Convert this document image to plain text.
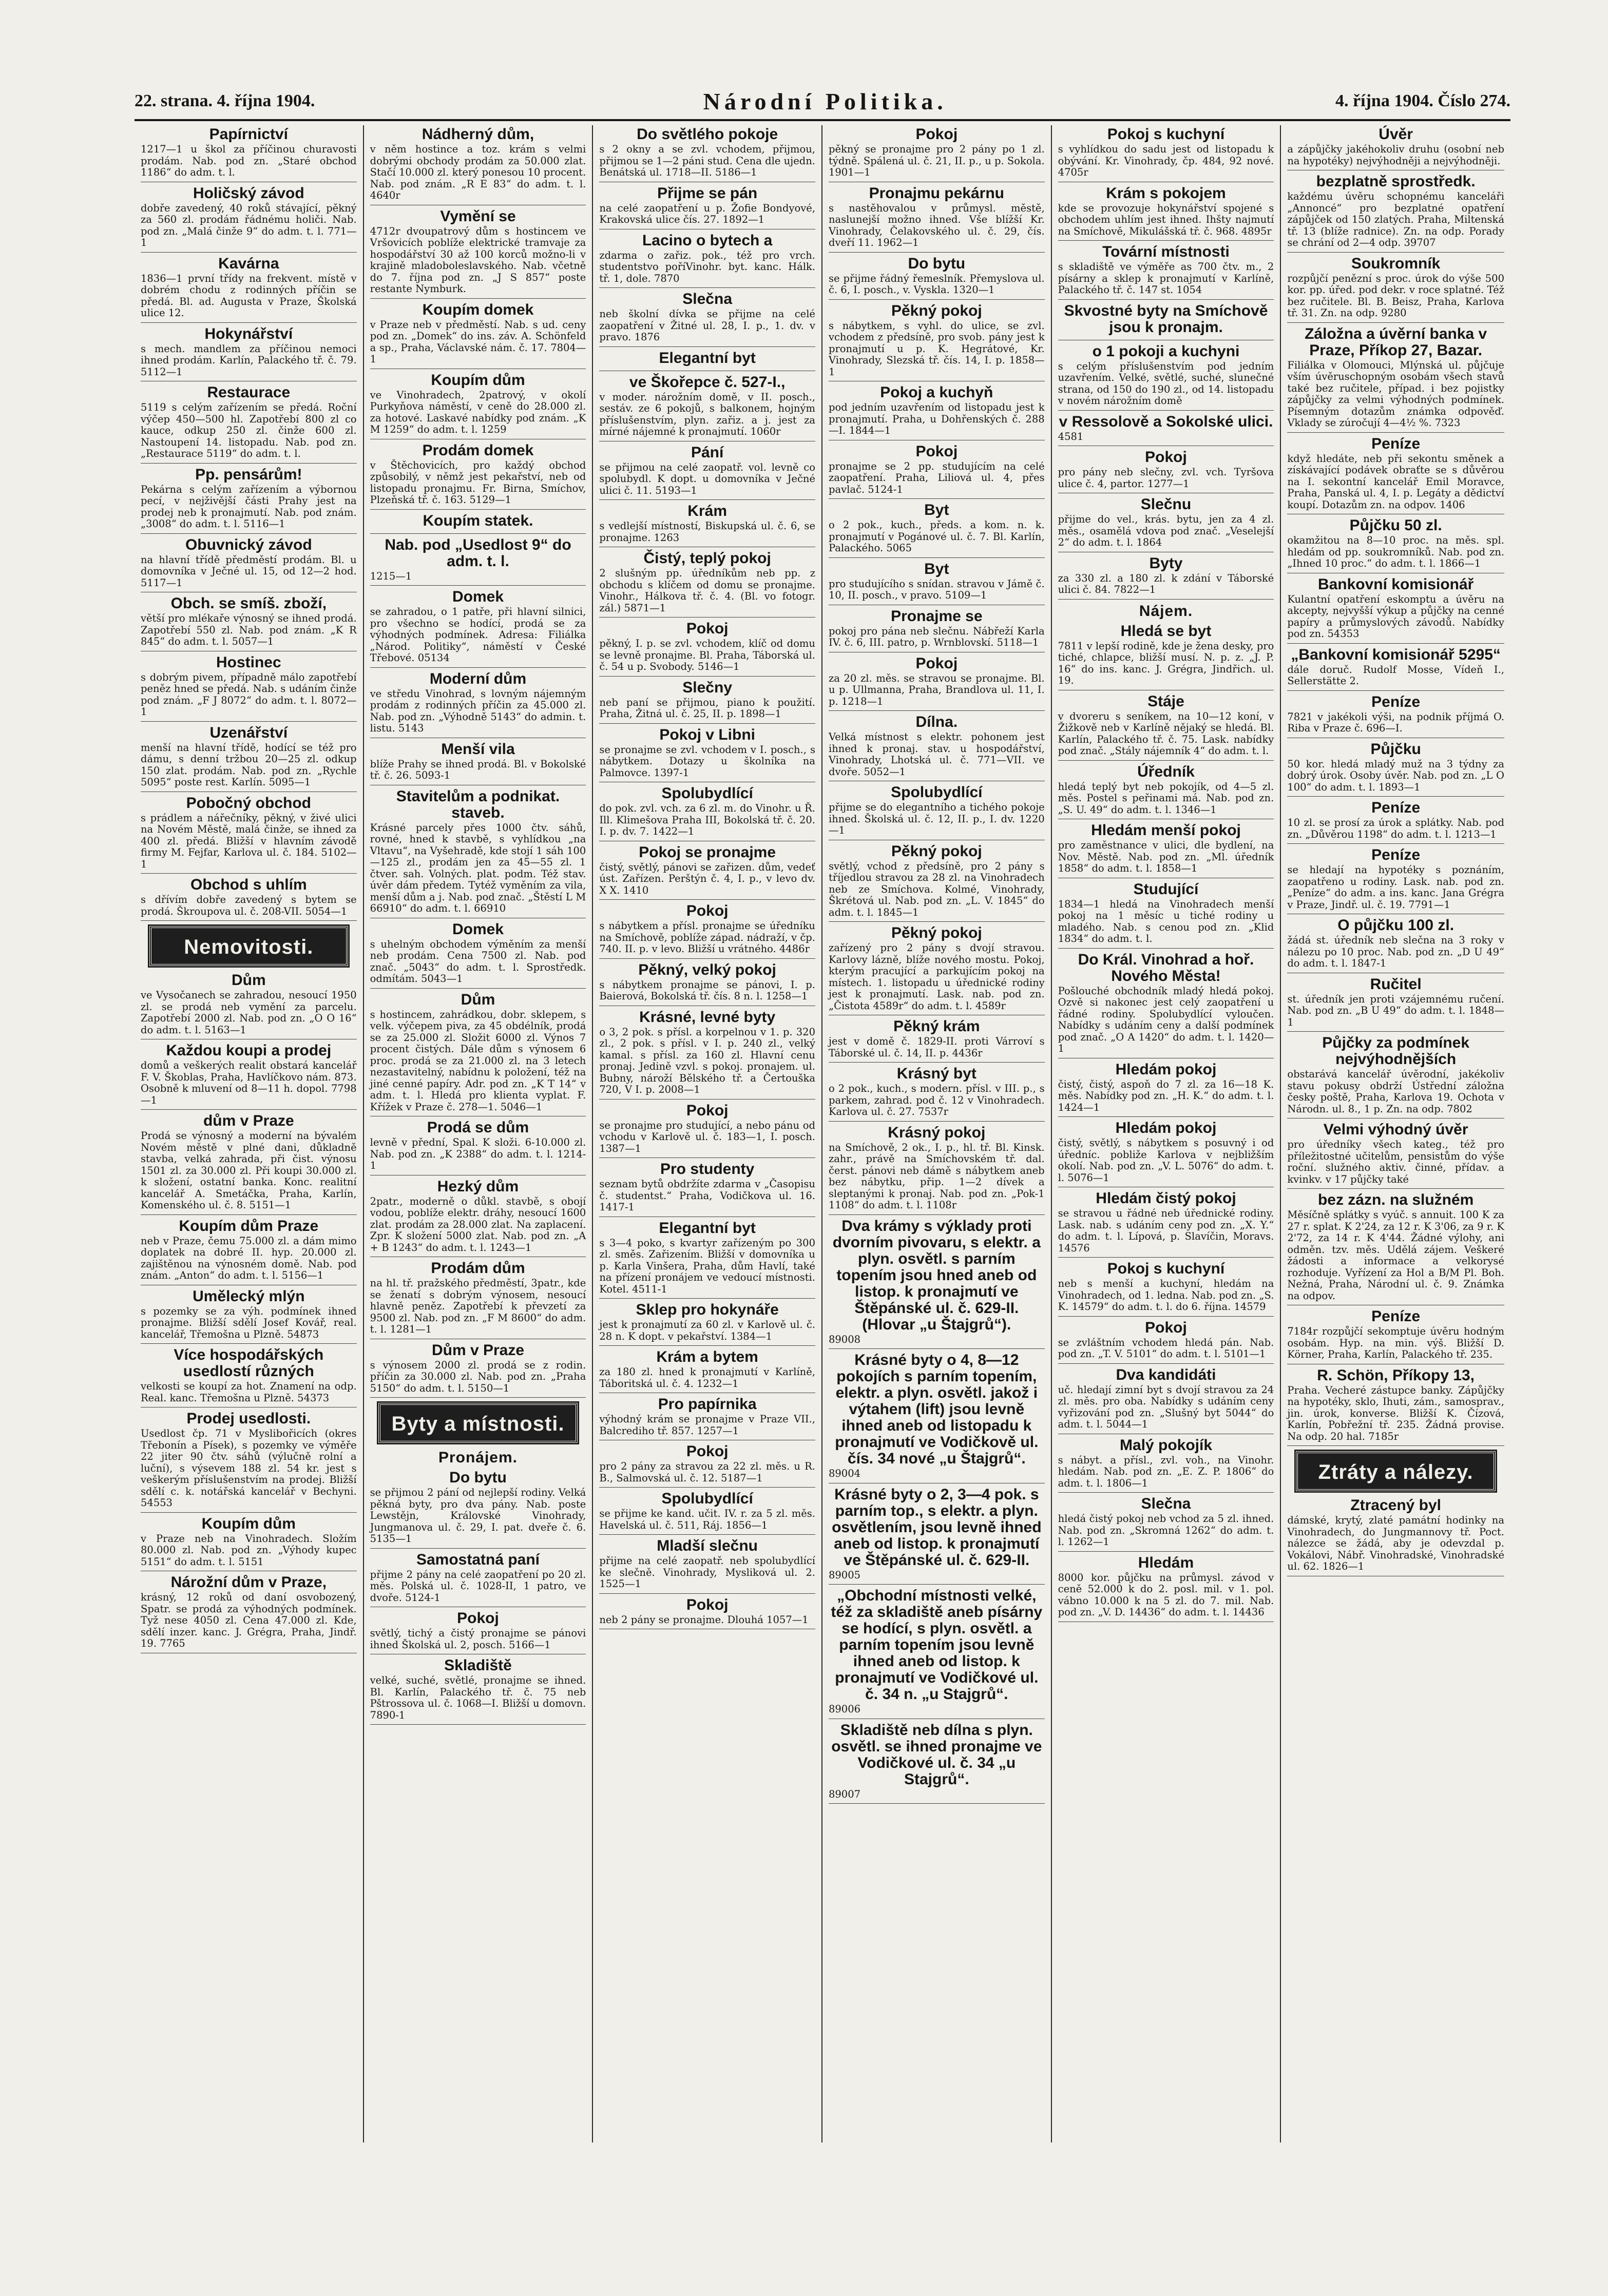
22. strana. 4. října 1904.	Národní Politika.	4. října 1904. Číslo 274.
Papírnictví

1217—1 u škol za příčinou churavosti prodám. Nab. pod zn. „Staré obchod 1186“ do adm. t. l.

Holičský závod

dobře zavedený, 40 roků stávající, pěkný za 560 zl. prodám řádnému holiči. Nab. pod zn. „Malá činže 9“ do adm. t. l. 771—1

Kavárna

1836—1 první třídy na frekvent. místě v dobrém chodu z rodinných příčin se předá. Bl. ad. Augusta v Praze, Školská ulice 12.

Hokynářství

s mech. mandlem za příčinou nemoci ihned prodám. Karlín, Palackého tř. č. 79. 5112—1

Restaurace

5119 s celým zařízením se předá. Roční výčep 450—500 hl. Zapotřebí 800 zl co kauce, odkup 250 zl. činže 600 zl. Nastoupení 14. listopadu. Nab. pod zn. „Restaurace 5119“ do adm. t. l.

Pp. pensárům!

Pekárna s celým zařízením a výbornou pecí, v nejživější části Prahy jest na prodej neb k pronajmutí. Nab. pod znám. „3008“ do adm. t. l. 5116—1

Obuvnický závod

na hlavní třídě předměstí prodám. Bl. u domovníka v Ječné ul. 15, od 12—2 hod. 5117—1

Obch. se smíš. zboží,

větší pro mlékaře výnosný se ihned prodá. Zapotřebí 550 zl. Nab. pod znám. „K R 845“ do adm. t. l. 5057—1

Hostinec

s dobrým pivem, případně málo zapotřebí peněz hned se předá. Nab. s udáním činže pod znám. „F J 8072“ do adm. t. l. 8072—1

Uzenářství

menší na hlavní třídě, hodící se též pro dámu, s denní tržbou 20—25 zl. odkup 150 zlat. prodám. Nab. pod zn. „Rychle 5095“ poste rest. Karlín. 5095—1

Pobočný obchod

s prádlem a nářečníky, pěkný, v živé ulici na Novém Městě, malá činže, se ihned za 400 zl. předá. Bližší v hlavním závodě firmy M. Fejfar, Karlova ul. č. 184. 5102—1

Obchod s uhlím

s dřívím dobře zavedený s bytem se prodá. Škroupova ul. č. 208-VII. 5054—1

Nemovitosti.
Dům

ve Vysočanech se zahradou, nesoucí 1950 zl. se prodá neb vymění za parcelu. Zapotřebí 2000 zl. Nab. pod zn. „O O 16“ do adm. t. l. 5163—1

Každou koupi a prodej

domů a veškerých realit obstará kancelář F. V. Škoblas, Praha, Havlíčkovo nám. 873. Osobně k mluvení od 8—11 h. dopol. 7798—1

dům v Praze

Prodá se výnosný a moderní na bývalém Novém městě v plné dani, důkladně stavba, velká zahrada, při čist. výnosu 1501 zl. za 30.000 zl. Při koupi 30.000 zl. k složení, ostatní banka. Konc. realitní kancelář A. Smetáčka, Praha, Karlín, Komenského ul. č. 8. 5151—1

Koupím dům Praze

neb v Praze, čemu 75.000 zl. a dám mimo doplatek na dobré II. hyp. 20.000 zl. zajištěnou na výnosném domě. Nab. pod znám. „Anton“ do adm. t. l. 5156—1

Umělecký mlýn

s pozemky se za výh. podmínek ihned pronajme. Bližší sdělí Josef Kovář, real. kancelář, Třemošna u Plzně. 54873

Více hospodářských usedlostí různých

velkosti se koupí za hot. Znamení na odp. Real. kanc. Třemošna u Plzně. 54373

Prodej usedlosti.

Usedlost čp. 71 v Myslibořicích (okres Třebonín a Písek), s pozemky ve výměře 22 jiter 90 čtv. sáhů (výlučně rolní a luční), s výsevem 188 zl. 54 kr. jest s veškerým příslušenstvím na prodej. Bližší sdělí c. k. notářská kancelář v Bechyni. 54553

Koupím dům

v Praze neb na Vinohradech. Složím 80.000 zl. Nab. pod zn. „Výhody kupec 5151“ do adm. t. l. 5151

Nárožní dům v Praze,

krásný, 12 roků od daní osvobozený, Spatr. se prodá za výhodných podmínek. Tyž nese 4050 zl. Cena 47.000 zl. Kde, sdělí inzer. kanc. J. Grégra, Praha, Jindř. 19. 7765

Nádherný dům,

v něm hostince a toz. krám s velmi dobrými obchody prodám za 50.000 zlat. Stačí 10.000 zl. který ponesou 10 procent. Nab. pod znám. „R E 83“ do adm. t. l. 4640r

Vymění se

4712r dvoupatrový dům s hostincem ve Vršovicích poblíže elektrické tramvaje za hospodářství 30 až 100 korců možno-li v krajině mladoboleslavského. Nab. včetně do 7. října pod zn. „J S 857“ poste restante Nymburk.

Koupím domek

v Praze neb v předměstí. Nab. s ud. ceny pod zn. „Domek“ do ins. záv. A. Schönfeld a sp., Praha, Václavské nám. č. 17. 7804—1

Koupím dům

ve Vinohradech, 2patrový, v okolí Purkyňova náměstí, v ceně do 28.000 zl. za hotové. Laskavé nabídky pod znám. „K M 1259“ do adm. t. l. 1259

Prodám domek

v Štěchovicích, pro každý obchod způsobilý, v němž jest pekařství, neb od listopadu pronajmu. Fr. Birna, Smíchov, Plzeňská tř. č. 163. 5129—1

Koupím statek.
Nab. pod „Usedlost 9“ do adm. t. l.

1215—1

Domek

se zahradou, o 1 patře, při hlavní silnici, pro všechno se hodící, prodá se za výhodných podmínek. Adresa: Filiálka „Národ. Politiky“, náměstí v České Třebové. 05134

Moderní dům

ve středu Vinohrad, s lovným nájemným prodám z rodinných příčin za 45.000 zl. Nab. pod zn. „Výhodně 5143“ do admin. t. listu. 5143

Menší vila

blíže Prahy se ihned prodá. Bl. v Bokolské tř. č. 26. 5093-1

Stavitelům a podnikat. staveb.

Krásné parcely přes 1000 čtv. sáhů, rovné, hned k stavbě, s vyhlídkou „na Vltavu“, na Vyšehradě, kde stojí 1 sáh 100—125 zl., prodám jen za 45—55 zl. 1 čtver. sah. Volných. plat. podm. Též stav. úvěr dám předem. Tytéž vyměním za vila, menší dům a j. Nab. pod znač. „Štěstí L M 66910“ do adm. t. l. 66910

Domek

s uhelným obchodem výměním za menší neb prodám. Cena 7500 zl. Nab. pod znač. „5043“ do adm. t. l. Sprostředk. odmítám. 5043—1

Dům

s hostincem, zahrádkou, dobr. sklepem, s velk. výčepem piva, za 45 obdélník, prodá se za 25.000 zl. Složit 6000 zl. Výnos 7 procent čistých. Dále dům s výnosem 6 proc. prodá se za 21.000 zl. na 3 letech nezastavitelný, nabídnu k položení, též na jiné cenné papíry. Adr. pod zn. „K T 14“ v adm. t. l. Hledá pro klienta vyplat. F. Křížek v Praze č. 278—1. 5046—1

Prodá se dům

levně v přední, Spal. K složi. 6-10.000 zl. Nab. pod zn. „K 2388“ do adm. t. l. 1214-1

Hezký dům

2patr., moderně o důkl. stavbě, s obojí vodou, poblíže elektr. dráhy, nesoucí 1600 zlat. prodám za 28.000 zlat. Na zaplacení. Zpr. K složení 5000 zlat. Nab. pod zn. „A + B 1243“ do adm. t. l. 1243—1

Prodám dům

na hl. tř. pražského předměstí, 3patr., kde se ženatí s dobrým výnosem, nesoucí hlavně peněz. Zapotřebí k převzetí za 9500 zl. Nab. pod zn. „F M 8600“ do adm. t. l. 1281—1

Dům v Praze

s výnosem 2000 zl. prodá se z rodin. příčin za 30.000 zl. Nab. pod zn. „Praha 5150“ do adm. t. l. 5150—1

Byty a místnosti.
Pronájem.
Do bytu

se přijmou 2 pání od nejlepší rodiny. Velká pěkná byty, pro dva pány. Nab. poste Lewstějn, Královské Vinohrady, Jungmanova ul. č. 29, I. pat. dveře č. 6. 5135—1

Samostatná paní

přijme 2 pány na celé zaopatření po 20 zl. měs. Polská ul. č. 1028-II, 1 patro, ve dvoře. 5124-1

Pokoj

světlý, tichý a čistý pronajme se pánovi ihned Školská ul. 2, posch. 5166—1

Skladiště

velké, suché, světlé, pronajme se ihned. Bl. Karlín, Palackého tř. č. 75 neb Pštrossova ul. č. 1068—I. Bližší u domovn. 7890-1

Do světlého pokoje

s 2 okny a se zvl. vchodem, přijmou, přijmou se 1—2 páni stud. Cena dle ujedn. Benátská ul. 1718—II. 5186—1

Přijme se pán

na celé zaopatření u p. Žofie Bondyové, Krakovská ulice čís. 27. 1892—1

Lacino o bytech a

zdarma o zařiz. pok., též pro vrch. studentstvo poříVinohr. byt. kanc. Hálk. tř. 1, dole. 7870

Slečna

neb školní dívka se přijme na celé zaopatření v Žitné ul. 28, I. p., 1. dv. v pravo. 1876

Elegantní byt
ve Škořepce č. 527-I.,

v moder. nárožním domě, v II. posch., sestáv. ze 6 pokojů, s balkonem, hojným příslušenstvím, plyn. zařiz. a j. jest za mírné nájemné k pronajmutí. 1060r

Pání

se přijmou na celé zaopatř. vol. levně co spolubydl. K dopt. u domovníka v Ječné ulici č. 11. 5193—1

Krám

s vedlejší místností, Biskupská ul. č. 6, se pronajme. 1263

Čistý, teplý pokoj

2 slušným pp. úředníkům neb pp. z obchodu s klíčem od domu se pronajme. Vinohr., Hálkova tř. č. 4. (Bl. vo fotogr. zál.) 5871—1

Pokoj

pěkný, I. p. se zvl. vchodem, klíč od domu se levně pronajme. Bl. Praha, Táborská ul. č. 54 u p. Svobody. 5146—1

Slečny

neb paní se přijmou, piano k použití. Praha, Žitná ul. č. 25, II. p. 1898—1

Pokoj v Libni

se pronajme se zvl. vchodem v I. posch., s nábytkem. Dotazy u školníka na Palmovce. 1397-1

Spolubydlící

do pok. zvl. vch. za 6 zl. m. do Vinohr. u Ř. Ill. Klimešova Praha III, Bokolská tř. č. 20. I. p. dv. 7. 1422—1

Pokoj se pronajme

čistý, světlý, pánovi se zařizen. dům, vedeť úst. Zařízen. Perštýn č. 4, I. p., v levo dv. X X. 1410

Pokoj

s nábytkem a přísl. pronajme se úředníku na Smíchově, poblíže západ. nádraží, v čp. 740. II. p. v levo. Bližší u vrátného. 4486r

Pěkný, velký pokoj

s nábytkem pronajme se pánovi, I. p. Baierová, Bokolská tř. čís. 8 n. l. 1258—1

Krásné, levné byty

o 3, 2 pok. s přísl. a korpelnou v 1. p. 320 zl., 2 pok. s přísl. v I. p. 240 zl., velký kamal. s přísl. za 160 zl. Hlavní cenu pronaj. Jedině vzvl. s pokoj. pronajem. ul. Bubny, nároží Bělského tř. a Čertouška 720, V I. p. 2008—1

Pokoj

se pronajme pro studující, a nebo pánu od vchodu v Karlově ul. č. 183—1, I. posch. 1387—1

Pro studenty

seznam bytů obdržíte zdarma v „Časopisu č. studentst.“ Praha, Vodičkova ul. 16. 1417-1

Elegantní byt

s 3—4 poko, s kvartyr zařízeným po 300 zl. směs. Zařizením. Bližší v domovníka u p. Karla Vinšera, Praha, dům Havlí, také na přízení pronájem ve vedoucí místnosti. Kotel. 4511-1

Sklep pro hokynáře

jest k pronajmutí za 60 zl. v Karlově ul. č. 28 n. K dopt. v pekařství. 1384—1

Krám a bytem

za 180 zl. hned k pronajmutí v Karlíně, Táboritská ul. č. 4. 1232—1

Pro papírnika

výhodný krám se pronajme v Praze VII., Balcrediho tř. 857. 1257—1

Pokoj

pro 2 pány za stravou za 22 zl. měs. u R. B., Salmovská ul. č. 12. 5187—1

Spolubydlící

se přijme ke kand. učit. IV. r. za 5 zl. měs. Havelská ul. č. 511, Ráj. 1856—1

Mladší slečnu

přijme na celé zaopatř. neb spolubydlící ke slečně. Vinohrady, Mysliková ul. 2. 1525—1

Pokoj

neb 2 pány se pronajme. Dlouhá 1057—1

Pokoj

pěkný se pronajme pro 2 pány po 1 zl. týdně. Spálená ul. č. 21, II. p., u p. Sokola. 1901—1

Pronajmu pekárnu

s nastěhovalou v průmysl. městě, naslunejší možno ihned. Vše blížší Kr. Vinohrady, Čelakovského ul. č. 29, čís. dveří 11. 1962—1

Do bytu

se přijme řádný řemeslník. Přemyslova ul. č. 6, I. posch., v. Vyskla. 1320—1

Pěkný pokoj

s nábytkem, s vyhl. do ulice, se zvl. vchodem z předsíně, pro svob. pány jest k pronajmutí u p. K. Hegrátové, Kr. Vinohrady, Slezská tř. čís. 14, I. p. 1858—1

Pokoj a kuchyň

pod jedním uzavřením od listopadu jest k pronajmutí. Praha, u Dohřenských č. 288—I. 1844—1

Pokoj

pronajme se 2 pp. studujícím na celé zaopatření. Praha, Liliová ul. 4, přes pavlač. 5124-1

Byt

o 2 pok., kuch., předs. a kom. n. k. pronajmutí v Pogánové ul. č. 7. Bl. Karlín, Palackého. 5065

Byt

pro studujícího s snídan. stravou v Jámě č. 10, II. posch., v pravo. 5109—1

Pronajme se

pokoj pro pána neb slečnu. Nábřeží Karla IV. č. 6, III. patro, p. Wrnblovskí. 5118—1

Pokoj

za 20 zl. měs. se stravou se pronajme. Bl. u p. Ullmanna, Praha, Brandlova ul. 11, I. p. 1218—1

Dílna.

Velká místnost s elektr. pohonem jest ihned k pronaj. stav. u hospodářství, Vinohrady, Lhotská ul. č. 771—VII. ve dvoře. 5052—1

Spolubydlící

přijme se do elegantního a tichého pokoje ihned. Školská ul. č. 12, II. p., I. dv. 1220—1

Pěkný pokoj

světlý, vchod z předsíně, pro 2 pány s tříjedlou stravou za 28 zl. na Vinohradech neb ze Smíchova. Kolmé, Vinohrady, Škrétová ul. Nab. pod zn. „L. V. 1845“ do adm. t. l. 1845—1

Pěkný pokoj

zařízený pro 2 pány s dvojí stravou. Karlovy lázně, blíže nového mostu. Pokoj, kterým pracující a parkujícím pokoj na místech. 1. listopadu u úřednické rodiny jest k pronajmutí. Lask. nab. pod zn. „Čistota 4589r“ do adm. t. l. 4589r

Pěkný krám

jest v domě č. 1829-II. proti Várroví s Táborské ul. č. 14, II. p. 4436r

Krásný byt

o 2 pok., kuch., s modern. přísl. v III. p., s parkem, zahrad. pod č. 12 v Vinohradech. Karlova ul. č. 27. 7537r

Krásný pokoj

na Smíchově, 2 ok., I. p., hl. tř. Bl. Kinsk. zahr., právě na Smíchovském tř. dal. čerst. pánovi neb dámě s nábytkem aneb bez nábytku, přip. 1—2 dívek a sleptanými k pronaj. Nab. pod zn. „Pok-1 1108“ do adm. t. l. 1108r

Dva krámy s výklady proti dvorním pivovaru, s elektr. a plyn. osvětl. s parním topením jsou hned aneb od listop. k pronajmutí ve Štěpánské ul. č. 629-II. (Hlovar „u Štajgrů“).

89008

Krásné byty o 4, 8—12 pokojích s parním topením, elektr. a plyn. osvětl. jakož i výtahem (lift) jsou levně ihned aneb od listopadu k pronajmutí ve Vodičkově ul. čís. 34 nové „u Štajgrů“.

89004

Krásné byty o 2, 3—4 pok. s parním top., s elektr. a plyn. osvětlením, jsou levně ihned aneb od listop. k pronajmutí ve Štěpánské ul. č. 629-II.

89005

„Obchodní místnosti velké, též za skladiště aneb písárny se hodící, s plyn. osvětl. a parním topením jsou levně ihned aneb od listop. k pronajmutí ve Vodičkové ul. č. 34 n. „u Stajgrů“.

89006

Skladiště neb dílna s plyn. osvětl. se ihned pronajme ve Vodičkové ul. č. 34 „u Stajgrů“.

89007

Pokoj s kuchyní

s vyhlídkou do sadu jest od listopadu k obývání. Kr. Vinohrady, čp. 484, 92 nové. 4705r

Krám s pokojem

kde se provozuje hokynářství spojené s obchodem uhlím jest ihned. Ihšty najmutí na Smíchově, Mikulášská tř. č. 968. 4895r

Tovární místnosti

s skladiště ve výměře as 700 čtv. m., 2 písárny a sklep k pronajmutí v Karlíně, Palackého tř. č. 147 st. 1054

Skvostné byty na Smíchově jsou k pronajm.
o 1 pokoji a kuchyni

s celým příslušenstvím pod jedním uzavřením. Velké, světlé, suché, slunečné strana, od 150 do 190 zl., od 14. listopadu v novém nárožním domě

v Ressolově a Sokolské ulici.

4581

Pokoj

pro pány neb slečny, zvl. vch. Tyršova ulice č. 4, partor. 1277—1

Slečnu

přijme do vel., krás. bytu, jen za 4 zl. měs., osamělá vdova pod znač. „Veselejší 2“ do adm. t. l. 1864

Byty

za 330 zl. a 180 zl. k zdání v Táborské ulici č. 84. 7822—1

Nájem.
Hledá se byt

7811 v lepší rodině, kde je žena desky, pro tiché, chlapce, bližší musí. N. p. z. „J. P. 16“ do ins. kanc. J. Grégra, Jindřich. ul. 19.

Stáje

v dvoreru s seníkem, na 10—12 koní, v Žižkově neb v Karlíně nějaký se hledá. Bl. Karlín, Palackého tř. č. 75. Lask. nabídky pod znač. „Stály nájemník 4“ do adm. t. l.

Úředník

hledá teplý byt neb pokojík, od 4—5 zl. měs. Postel s peřinami má. Nab. pod zn. „S. U. 49“ do adm. t. l. 1346—1

Hledám menší pokoj

pro zaměstnance v ulici, dle bydlení, na Nov. Městě. Nab. pod zn. „Ml. úředník 1858“ do adm. t. l. 1858—1

Studující

1834—1 hledá na Vinohradech menší pokoj na 1 měsíc u tiché rodiny u mladého. Nab. s cenou pod zn. „Klid 1834“ do adm. t. l.

Do Král. Vinohrad a hoř. Nového Města!

Pošlouché obchodník mladý hledá pokoj. Ozvě si nakonec jest celý zaopatření u řádné rodiny. Spolubydlící vyloučen. Nabídky s udáním ceny a další podmínek pod znač. „O A 1420“ do adm. t. l. 1420—1

Hledám pokoj

čistý, čistý, aspoň do 7 zl. za 16—18 K. měs. Nabídky pod zn. „H. K.“ do adm. t. l. 1424—1

Hledám pokoj

čistý, světlý, s nábytkem s posuvný i od úředníc. pobliže Karlova v nejbližším okolí. Nab. pod zn. „V. L. 5076“ do adm. t. l. 5076—1

Hledám čistý pokoj

se stravou u řádné neb úřednické rodiny. Lask. nab. s udáním ceny pod zn. „X. Y.“ do adm. t. l. Lípová, p. Slavíčin, Moravs. 14576

Pokoj s kuchyní

neb s menší a kuchyní, hledám na Vinohradech, od 1. ledna. Nab. pod zn. „S. K. 14579“ do adm. t. l. do 6. října. 14579

Pokoj

se zvláštním vchodem hledá pán. Nab. pod zn. „T. V. 5101“ do adm. t. l. 5101—1

Dva kandidáti

uč. hledají zimní byt s dvojí stravou za 24 zl. měs. pro oba. Nabídky s udáním ceny vyřizování pod zn. „Slušný byt 5044“ do adm. t. l. 5044—1

Malý pokojík

s nábyt. a přísl., zvl. voh., na Vinohr. hledám. Nab. pod zn. „E. Z. P. 1806“ do adm. t. l. 1806—1

Slečna

hledá čistý pokoj neb vchod za 5 zl. ihned. Nab. pod zn. „Skromná 1262“ do adm. t. l. 1262—1

Hledám

8000 kor. půjčku na průmysl. závod v ceně 52.000 k do 2. posl. mil. v 1. pol. vábno 10.000 k na 5 zl. do 7. mil. Nab. pod zn. „V. D. 14436“ do adm. t. l. 14436

Úvěr

a zápůjčky jakéhokoliv druhu (osobní neb na hypotéky) nejvýhodněji a nejvýhodněji.

bezplatně sprostředk.

každému úvěru schopnému kanceláři „Annoncé“ pro bezplatné opatření zápůjček od 150 zlatých. Praha, Miltenská tř. 13 (blíže radnice). Zn. na odp. Porady se chrání od 2—4 odp. 39707

Soukromník

rozpůjčí penězní s proc. úrok do výše 500 kor. pp. úřed. pod dekr. v roce splatné. Též bez ručitele. Bl. B. Beisz, Praha, Karlova tř. 31. Zn. na odp. 9280

Záložna a úvěrní banka v Praze, Příkop 27, Bazar.

Filiálka v Olomouci, Mlýnská ul. půjčuje vším úvěruschopným osobám všech stavů také bez ručitele, případ. i bez pojistky zápůjčky za velmi výhodných podmínek. Písemným dotazům známka odpověď. Vklady se zúročují 4—4½ %. 7323

Peníze

když hledáte, neb při sekontu směnek a získávající podávek obraťte se s důvěrou na I. sekontní kancelář Emil Moravce, Praha, Panská ul. 4, I. p. Legáty a dědictví koupí. Dotazům zn. na odpov. 1406

Půjčku 50 zl.

okamžitou na 8—10 proc. na měs. spl. hledám od pp. soukromníků. Nab. pod zn. „Ihned 10 proc.“ do adm. t. l. 1866—1

Bankovní komisionář

Kulantní opatření eskomptu a úvěru na akcepty, nejvyšší výkup a půjčky na cenné papíry a průmyslových závodů. Nabídky pod zn. 54353

„Bankovní komisionář 5295“

dále doruč. Rudolf Mosse, Vídeň I., Sellerstätte 2.

Peníze

7821 v jakékoli výši, na podnik příjmá O. Riba v Praze č. 696—I.

Půjčku

50 kor. hledá mladý muž na 3 týdny za dobrý úrok. Osoby úvěr. Nab. pod zn. „L O 100“ do adm. t. l. 1893—1

Peníze

10 zl. se prosí za úrok a splátky. Nab. pod zn. „Důvěrou 1198“ do adm. t. l. 1213—1

Peníze

se hledají na hypotéky s poznáním, zaopatřeno u rodiny. Lask. nab. pod zn. „Peníze“ do adm. a ins. kanc. Jana Grégra v Praze, Jindř. ul. č. 19. 7791—1

O půjčku 100 zl.

žádá st. úředník neb slečna na 3 roky v nálezu po 10 proc. Nab. pod zn. „D U 49“ do adm. t. l. 1847-1

Ručitel

st. úředník jen proti vzájemnému ručení. Nab. pod zn. „B U 49“ do adm. t. l. 1848—1

Půjčky za podmínek nejvýhodnějších

obstarává kancelář úvěrodní, jakékoliv stavu pokusy obdrží Ústřední záložna česky poště, Praha, Karlova 19. Ochota v Národn. ul. 8., 1 p. Zn. na odp. 7802

Velmi výhodný úvěr

pro úředníky všech kateg., též pro příležitostné učitelům, pensistům do výše roční. služného aktiv. činné, přídav. a kvinkv. v 17 půjčky také

bez zázn. na služném

Měsíčně splátky s vyúč. s annuit. 100 K za 27 r. splat. K 2'24, za 12 r. K 3'06, za 9 r. K 2'72, za 14 r. K 4'44. Žádné výlohy, ani odměn. tzv. měs. Udělá zájem. Veškeré žádosti a informace a velkorysé rozhoduje. Vyřízení za Hol a B/M Pl. Boh. Nežná, Praha, Národní ul. č. 9. Známka na odpov.

Peníze

7184r rozpůjčí sekomptuje úvěru hodným osobám. Hyp. na min. výš. Bližší D. Körner, Praha, Karlín, Palackého tř. 235.

R. Schön, Příkopy 13,

Praha. Vecheré zástupce banky. Zápůjčky na hypotéky, sklo, Ihuti, zám., samosprav., jin. úrok, konverse. Bližší K. Čízová, Karlín, Pobřežní tř. 235. Žádná provise. Na odp. 20 hal. 7185r

Ztráty a nálezy.
Ztracený byl

dámské, krytý, zlaté památní hodinky na Vinohradech, do Jungmannovy tř. Poct. nálezce se žádá, aby je odevzdal p. Vokálovi, Nábř. Vinohradské, Vinohradské ul. 62. 1826—1
